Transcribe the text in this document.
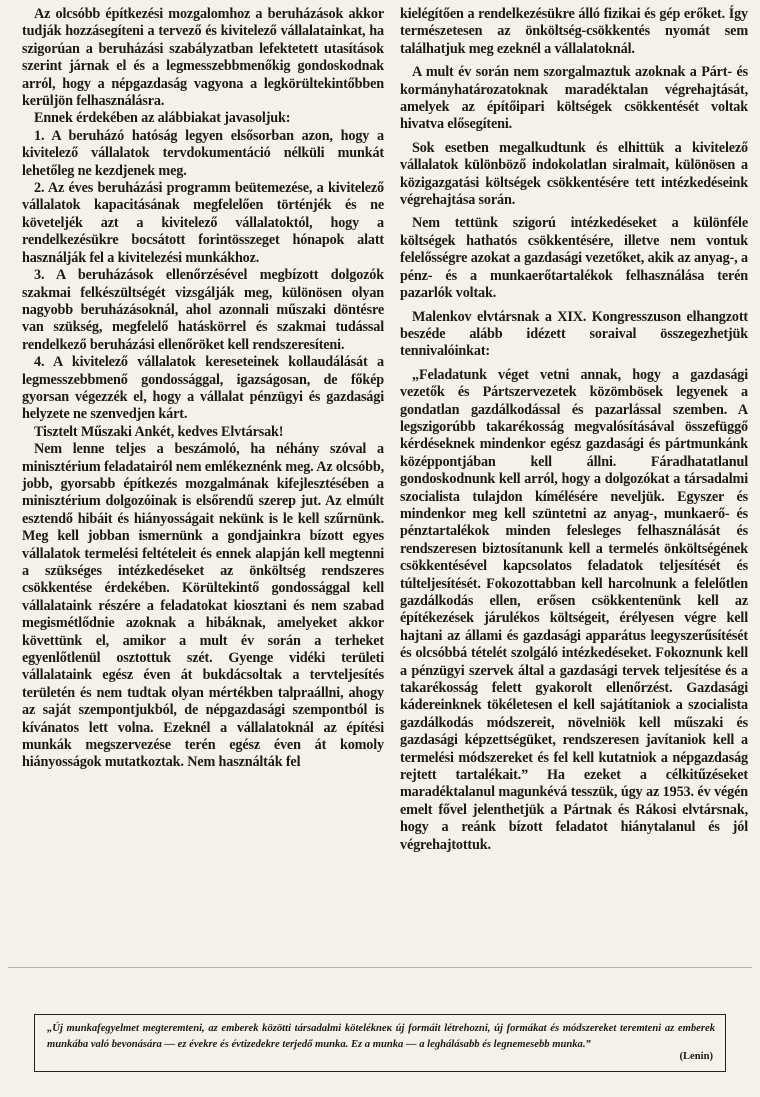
Az olcsóbb építkezési mozgalomhoz a beruházások akkor tudják hozzásegíteni a tervező és kivitelező vállalatainkat, ha szigorúan a beruházási szabályzatban lefektetett utasítások szerint járnak el és a legmesszebbmenőkig gondoskodnak arról, hogy a népgazdaság vagyona a legkörültekintőbben kerüljön felhasználásra.

Ennek érdekében az alábbiakat javasoljuk:

1. A beruházó hatóság legyen elsősorban azon, hogy a kivitelező vállalatok tervdokumentáció nélküli munkát lehetőleg ne kezdjenek meg.

2. Az éves beruházási programm beütemezése, a kivitelező vállalatok kapacitásának megfelelően történjék és ne követeljék azt a kivitelező vállalatoktól, hogy a rendelkezésükre bocsátott forintösszeget hónapok alatt használják fel a kivitelezési munkákhoz.

3. A beruházások ellenőrzésével megbízott dolgozók szakmai felkészültségét vizsgálják meg, különösen olyan nagyobb beruházásoknál, ahol azonnali műszaki döntésre van szükség, megfelelő hatáskörrel és szakmai tudással rendelkező beruházási ellenőröket kell rendszeresíteni.

4. A kivitelező vállalatok kereseteinek kollaudálását a legmesszebbmenő gondossággal, igazságosan, de főkép gyorsan végezzék el, hogy a vállalat pénzügyi és gazdasági helyzete ne szenvedjen kárt.

Tisztelt Műszaki Ankét, kedves Elvtársak!

Nem lenne teljes a beszámoló, ha néhány szóval a minisztérium feladatairól nem emlékeznénk meg. Az olcsóbb, jobb, gyorsabb építkezés mozgalmának kifejlesztésében a minisztérium dolgozóinak is elsőrendű szerep jut. Az elmúlt esztendő hibáit és hiányosságait nekünk is le kell szűrnünk. Meg kell jobban ismernünk a gondjainkra bízott egyes vállalatok termelési feltételeit és ennek alapján kell megtenni a szükséges intézkedéseket az önköltség rendszeres csökkentése érdekében. Körültekintő gondossággal kell vállalataink részére a feladatokat kiosztani és nem szabad megismétlődnie azoknak a hibáknak, amelyeket akkor követtünk el, amikor a mult év során a terheket egyenlőtlenül osztottuk szét. Gyenge vidéki területi vállalataink egész éven át bukdácsoltak a tervteljesítés területén és nem tudtak olyan mértékben talpraállni, ahogy az saját szempontjukból, de népgazdasági szempontból is kívánatos lett volna. Ezeknél a vállalatoknál az építési munkák megszervezése terén egész éven át komoly hiányosságok mutatkoztak. Nem használták fel

kielégítően a rendelkezésükre álló fizikai és gép erőket. Így természetesen az önköltség-csökkentés nyomát sem találhatjuk meg ezeknél a vállalatoknál.

A mult év során nem szorgalmaztuk azoknak a Párt- és kormányhatározatoknak maradéktalan végrehajtását, amelyek az építőipari költségek csökkentését voltak hivatva elősegíteni.

Sok esetben megalkudtunk és elhittük a kivitelező vállalatok különböző indokolatlan siralmait, különösen a közigazgatási költségek csökkentésére tett intézkedéseink végrehajtása során.

Nem tettünk szigorú intézkedéseket a különféle költségek hathatós csökkentésére, illetve nem vontuk felelősségre azokat a gazdasági vezetőket, akik az anyag-, a pénz- és a munkaerőtartalékok felhasználása terén pazarlók voltak.

Malenkov elvtársnak a XIX. Kongresszuson elhangzott beszéde alább idézett soraival összegezhetjük tennivalóinkat:

„Feladatunk véget vetni annak, hogy a gazdasági vezetők és Pártszervezetek közömbösek legyenek a gondatlan gazdálkodással és pazarlással szemben. A legszigorúbb takarékosság megvalósításával összefüggő kérdéseknek mindenkor egész gazdasági és pártmunkánk középpontjában kell állni. Fáradhatatlanul gondoskodnunk kell arról, hogy a dolgozókat a társadalmi szocialista tulajdon kímélésére neveljük. Egyszer és mindenkor meg kell szüntetni az anyag-, munkaerő- és pénztartalékok minden felesleges felhasználását és rendszeresen biztosítanunk kell a termelés önköltségének csökkentésével kapcsolatos feladatok teljesítését és túlteljesítését. Fokozottabban kell harcolnunk a felelőtlen gazdálkodás ellen, erősen csökkentenünk kell az építékezések járulékos költségeit, érélyesen végre kell hajtani az állami és gazdasági apparátus leegyszerűsítését és olcsóbbá tételét szolgáló intézkedéseket. Fokoznunk kell a pénzügyi szervek által a gazdasági tervek teljesítése és a takarékosság felett gyakorolt ellenőrzést. Gazdasági kádereinknek tökéletesen el kell sajátítaniok a szocialista gazdálkodás módszereit, növelniök kell műszaki és gazdasági képzettségüket, rendszeresen javítaniok kell a termelési módszereket és fel kell kutatniok a népgazdaság rejtett tartalékait.” Ha ezeket a célkitűzéseket maradéktalanul magunkévá tesszük, úgy az 1953. év végén emelt fővel jelenthetjük a Pártnak és Rákosi elvtársnak, hogy a reánk bízott feladatot hiánytalanul és jól végrehajtottuk.

„Új munkafegyelmet megteremteni, az emberek közötti társadalmi kötelékneк új formáit létrehozni, új formákat és módszereket teremteni az emberek munkába való bevonására — ez évekre és évtizedekre terjedő munka. Ez a munka — a leghálásabb és legnemesebb munka.”
(Lenin)
